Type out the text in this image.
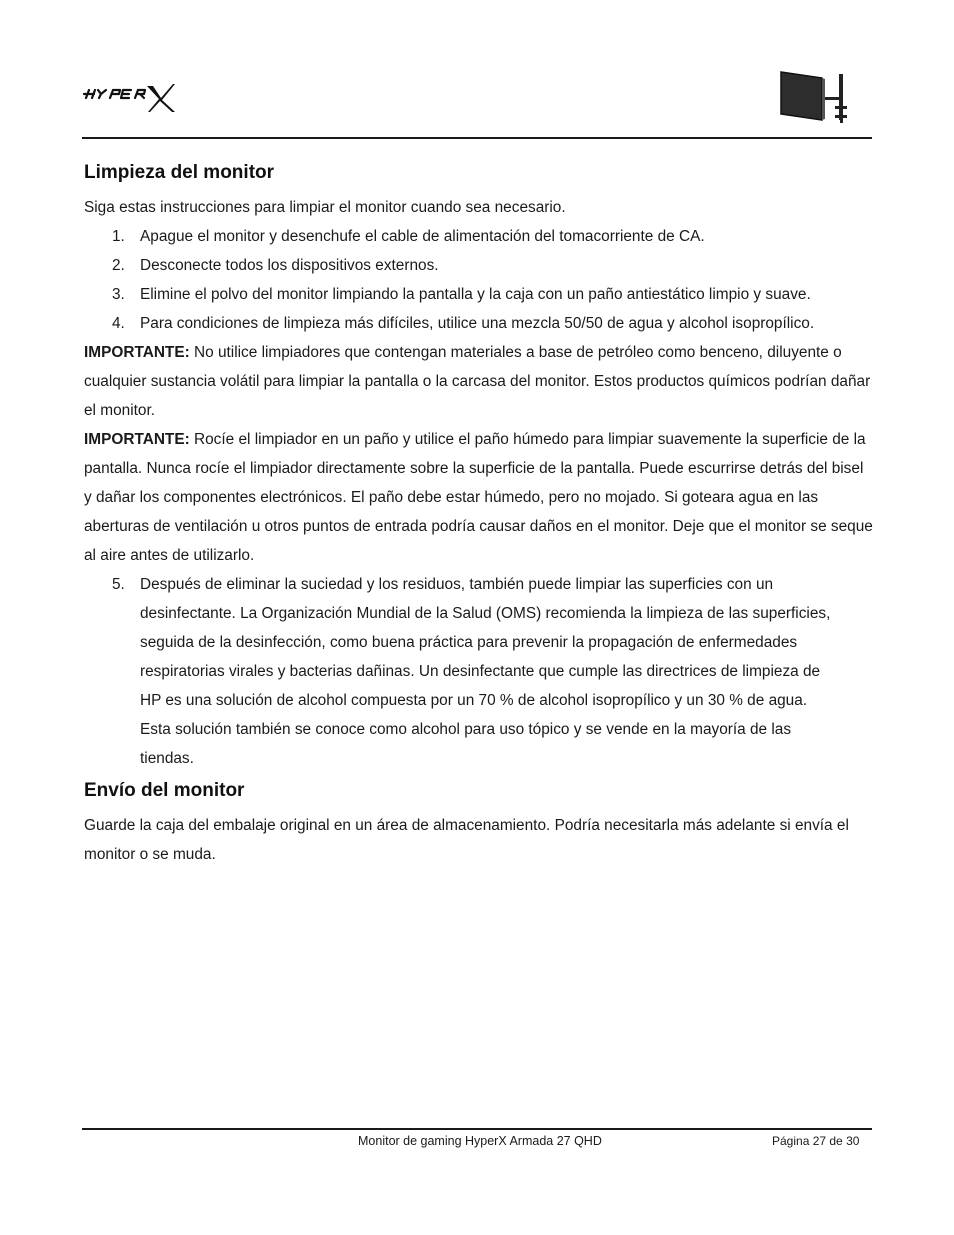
Limpieza del monitor

Siga estas instrucciones para limpiar el monitor cuando sea necesario.

1. Apague el monitor y desenchufe el cable de alimentación del tomacorriente de CA.
2. Desconecte todos los dispositivos externos.
3. Elimine el polvo del monitor limpiando la pantalla y la caja con un paño antiestático limpio y suave.
4. Para condiciones de limpieza más difíciles, utilice una mezcla 50/50 de agua y alcohol isopropílico.

IMPORTANTE: No utilice limpiadores que contengan materiales a base de petróleo como benceno, diluyente o cualquier sustancia volátil para limpiar la pantalla o la carcasa del monitor. Estos productos químicos podrían dañar el monitor.

IMPORTANTE: Rocíe el limpiador en un paño y utilice el paño húmedo para limpiar suavemente la superficie de la pantalla. Nunca rocíe el limpiador directamente sobre la superficie de la pantalla. Puede escurrirse detrás del bisel y dañar los componentes electrónicos. El paño debe estar húmedo, pero no mojado. Si goteara agua en las aberturas de ventilación u otros puntos de entrada podría causar daños en el monitor. Deje que el monitor se seque al aire antes de utilizarlo.

5. Después de eliminar la suciedad y los residuos, también puede limpiar las superficies con un desinfectante. La Organización Mundial de la Salud (OMS) recomienda la limpieza de las superficies, seguida de la desinfección, como buena práctica para prevenir la propagación de enfermedades respiratorias virales y bacterias dañinas. Un desinfectante que cumple las directrices de limpieza de HP es una solución de alcohol compuesta por un 70 % de alcohol isopropílico y un 30 % de agua. Esta solución también se conoce como alcohol para uso tópico y se vende en la mayoría de las tiendas.
Envío del monitor

Guarde la caja del embalaje original en un área de almacenamiento. Podría necesitarla más adelante si envía el monitor o se muda.

Monitor de gaming HyperX Armada 27 QHD	Página 27 de 30
